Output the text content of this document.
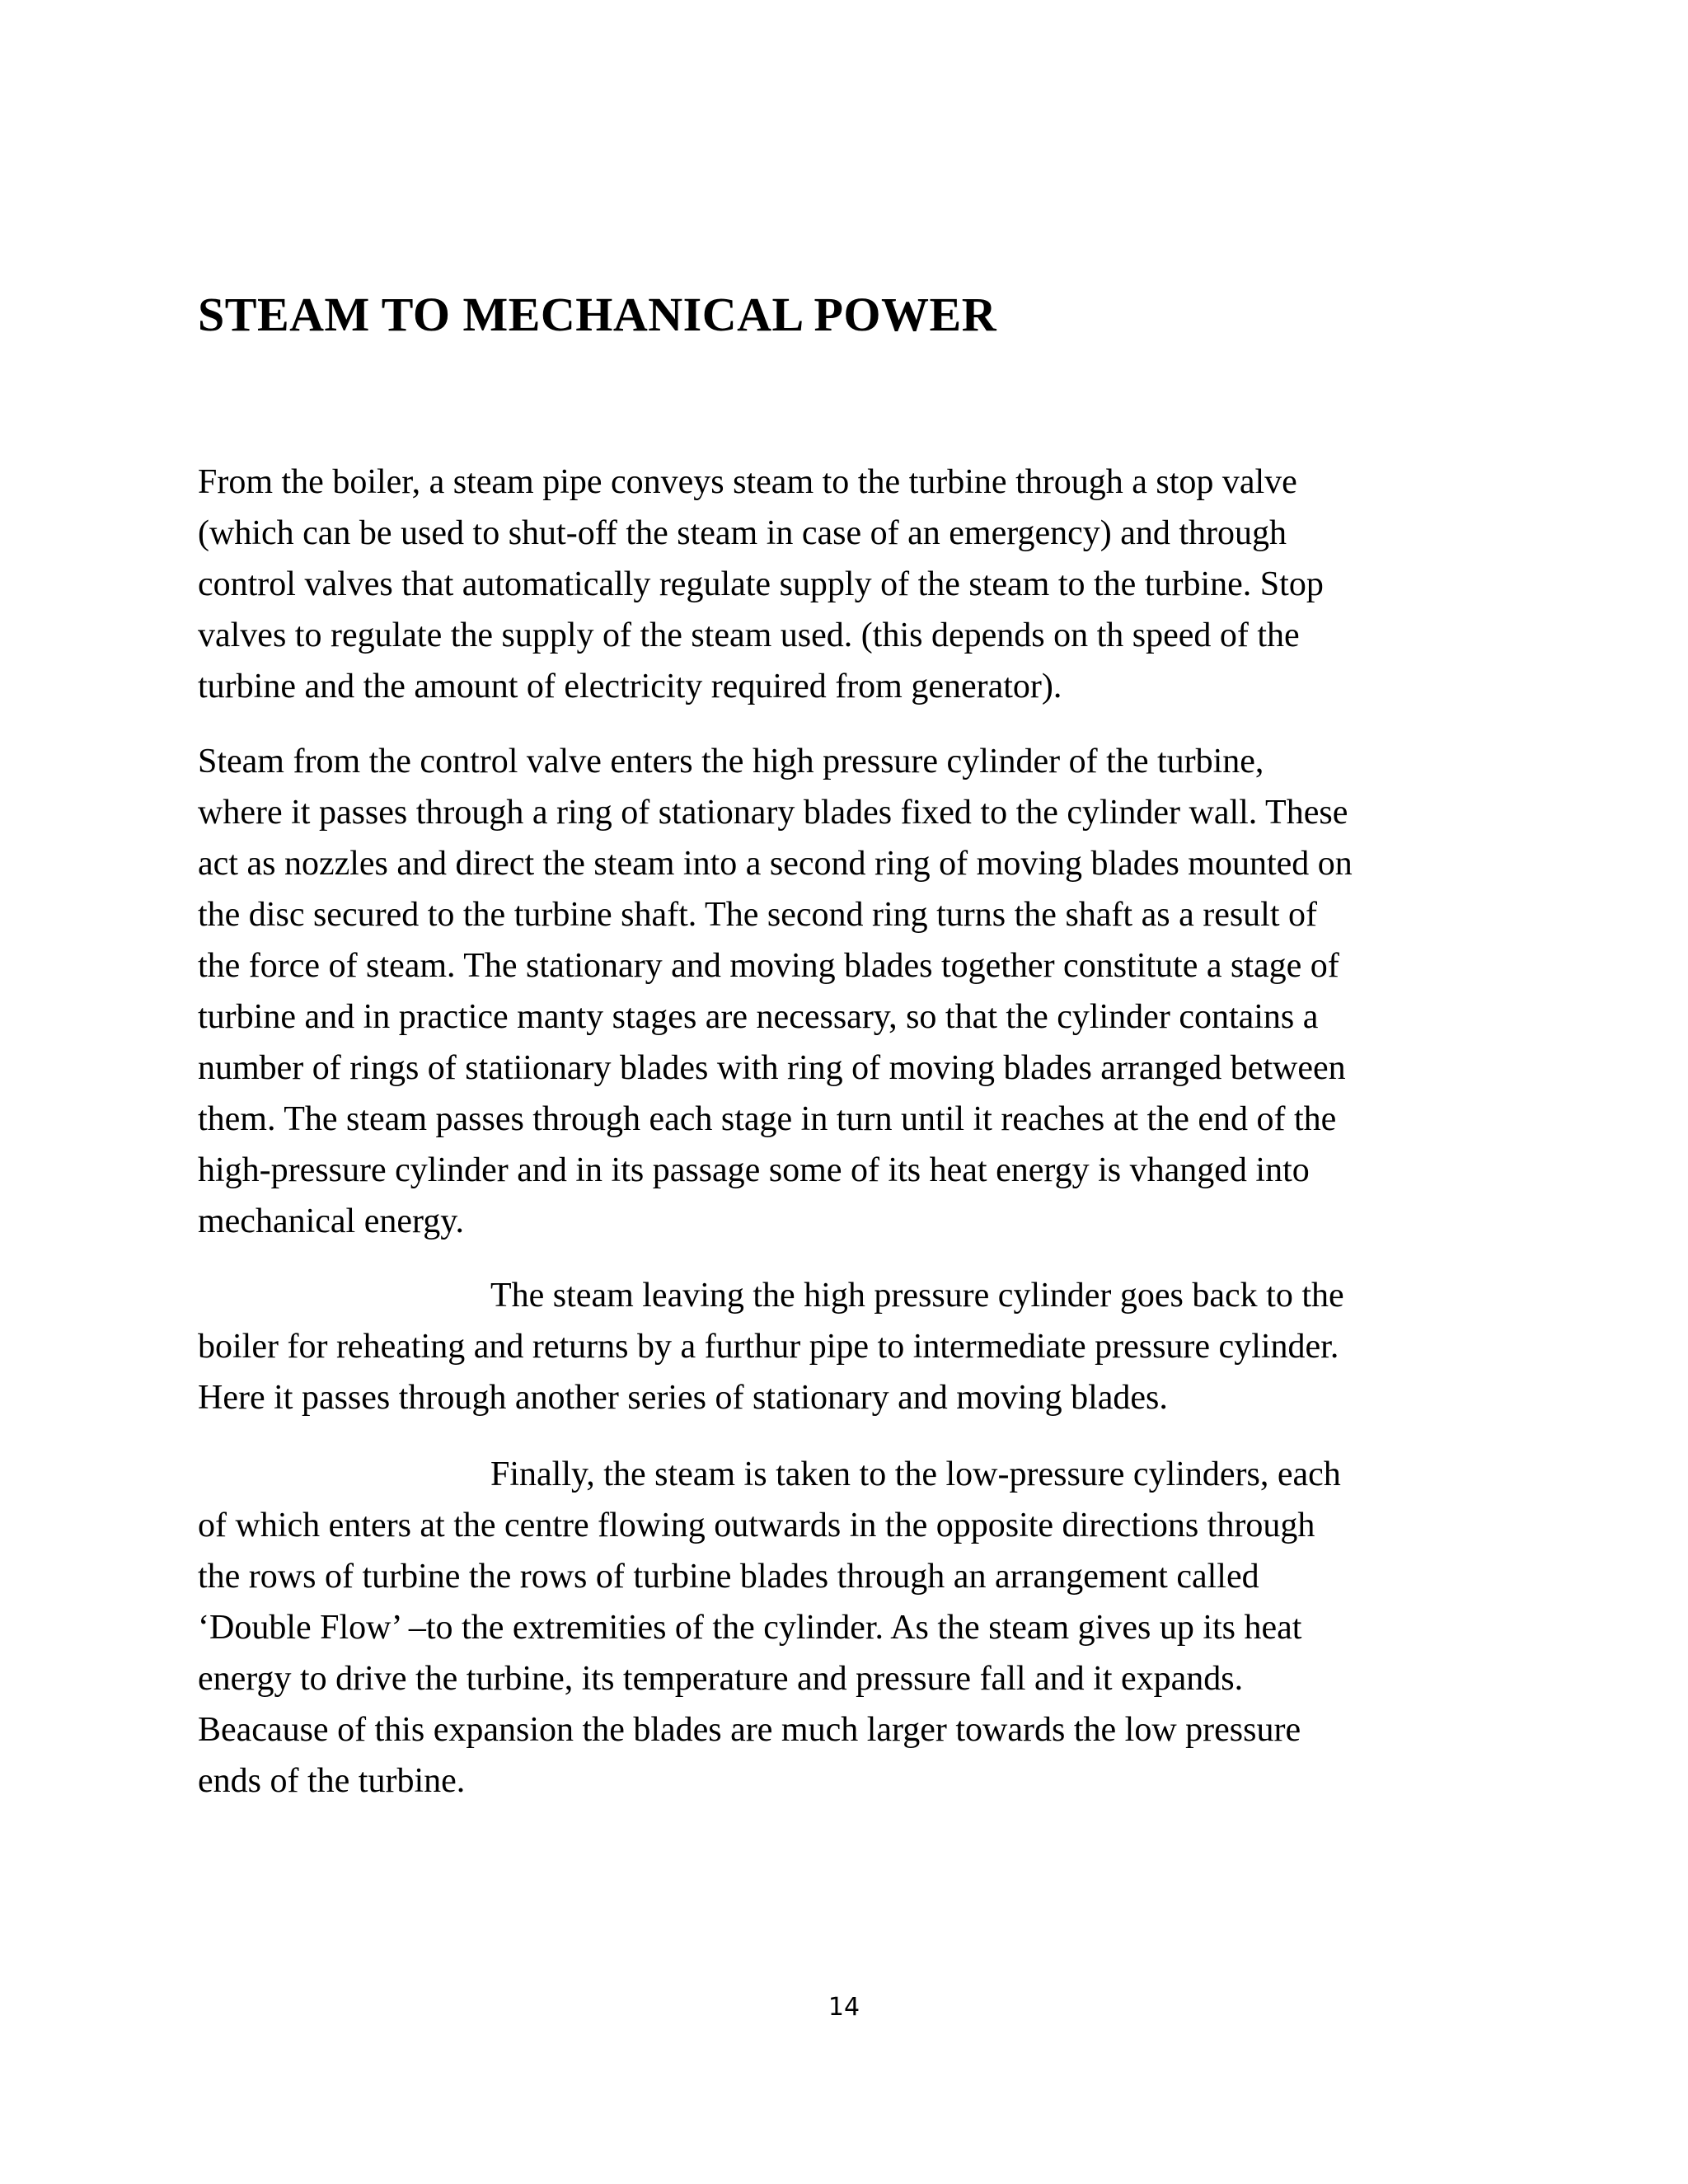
STEAM TO MECHANICAL POWER
From the boiler, a steam pipe conveys steam to the turbine through a stop valve
(which can be used to shut-off the steam in case of an emergency) and through
control valves that automatically regulate supply of the steam to the turbine. Stop
valves to regulate the supply of the steam used. (this depends on th speed of the
turbine and the amount of electricity required from generator).
Steam from the control valve enters the high pressure cylinder of the turbine,
where it passes through a ring of stationary blades fixed to the cylinder wall. These
act as nozzles and direct the steam into a second ring of moving blades mounted on
the disc secured to the turbine shaft. The second ring turns the shaft as a result of
the force of steam. The stationary and moving blades together constitute a stage of
turbine and in practice manty stages are necessary, so that the cylinder contains a
number of rings of statiionary blades with ring of moving blades arranged between
them. The steam passes through each stage in turn until it reaches at the end of the
high-pressure cylinder and in its passage some of its heat energy is vhanged into
mechanical energy.
The steam leaving the high pressure cylinder goes back to the
boiler for reheating and returns by a furthur pipe to intermediate pressure cylinder.
Here it passes through another series of stationary and moving blades.
Finally, the steam is taken to the low-pressure cylinders, each
of which enters at the centre flowing outwards in the opposite directions through
the rows of turbine the rows of turbine blades through an arrangement called
‘Double Flow’ –to the extremities of the cylinder. As the steam gives up its heat
energy to drive the turbine, its temperature and pressure fall and it expands.
Beacause of this expansion the blades are much larger towards the low pressure
ends of the turbine.
14
